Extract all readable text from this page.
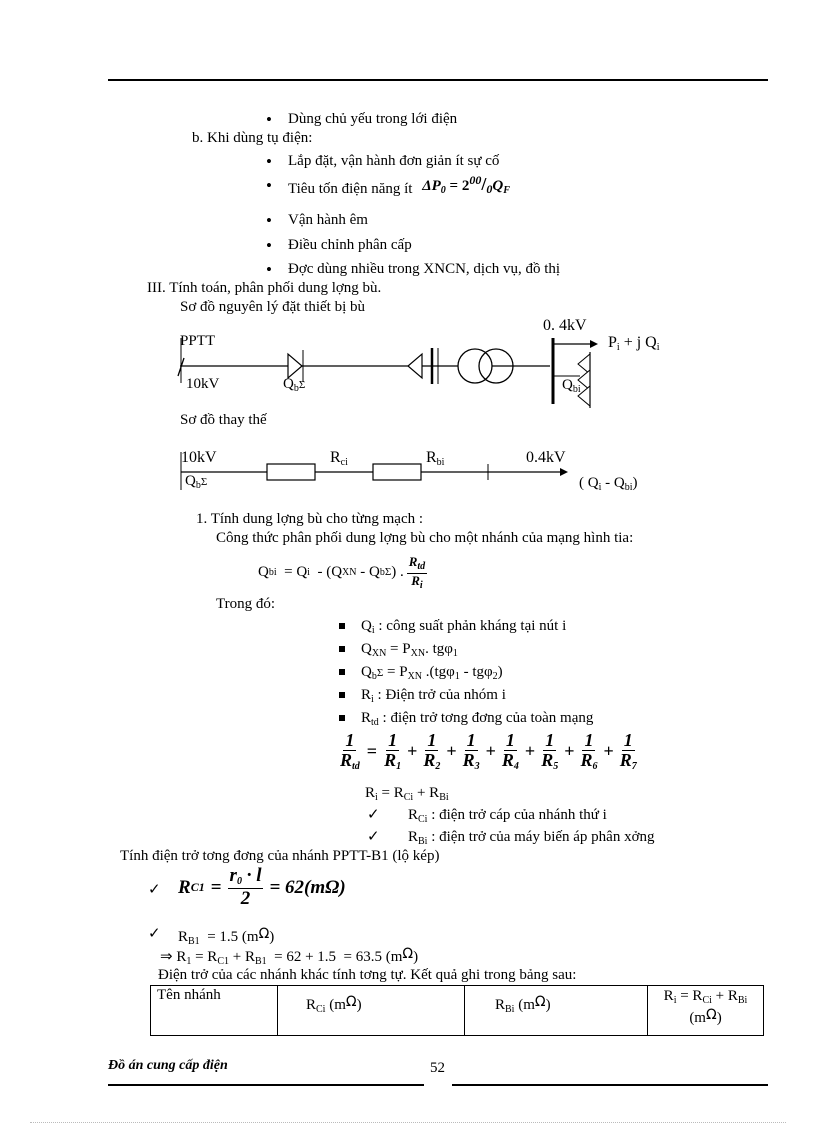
• Dùng chủ yếu trong lới điện
b. Khi dùng tụ điện:
• Lắp đặt, vận hành đơn giản ít sự cố
• Tiêu tốn điện năng ít $\Delta P_0 = 2^{00}/_0Q_F$
• Vận hành êm
• Điều chỉnh phân cấp
• Đợc dùng nhiều trong XNCN, dịch vụ, đồ thị
III. Tính toán, phân phối dung lợng bù.
Sơ đồ nguyên lý đặt thiết bị bù
PPTT
10kV	$Q_b\Sigma$
0. 4kV
$P_i + j$ $Q_i$
$Q_{bi}$
Sơ đồ thay thế
10kV
$Q_b\Sigma$
$R_{ci}$	$R_{bi}$	0.4kV
( $Q_i - Q_{bi}$)
1. Tính dung lợng bù cho từng mạch :
Công thức phân phối dung lợng bù cho một nhánh của mạng hình tia:
Q bi = Q i - (Q XN - Q b Σ ) . $\frac{R_{td}}{R_i}$
Trong đó:
$Q_i$ : công suất phản kháng tại nút i
$Q_{XN} = P_{XN}$. tgφ$_1$
$Q_b\Sigma = P_{XN}$ .(tgφ$_1$ - tgφ$_2$)
$R_i$ : Điện trở của nhóm i
$R_{td}$ : điện trở tơng đơng của toàn mạng
$\frac{1}{R_{td}} = \frac{1}{R_1} + \frac{1}{R_2} + \frac{1}{R_3} + \frac{1}{R_4} + \frac{1}{R_5} + \frac{1}{R_6} + \frac{1}{R_7}$
$R_i = R_{Ci} + R_{Bi}$
✓ $R_{Ci}$ : điện trở cáp của nhánh thứ i
✓ $R_{Bi}$ : điện trở của máy biến áp phân xởng
Tính điện trở tơng đơng của nhánh PPTT-B1 (lộ kép)
✓ R $C1 = \frac{r_0 \cdot l}{2} = 62(m\Omega)$
✓ $R_{B1} = 1.5$ (mΩ)
⇒ $R_1 = R_{C1} + R_{B1} = 62 + 1.5 = 63.5$ (mΩ)
Điện trở của các nhánh khác tính tơng tự. Kết quả ghi trong bảng sau:
Tên nhánh	$R_{Ci}$ (mΩ)	$R_{Bi}$ (mΩ)	$R_i = R_{Ci} + R_{Bi}$
(mΩ)
Đồ án cung cấp điện	52
